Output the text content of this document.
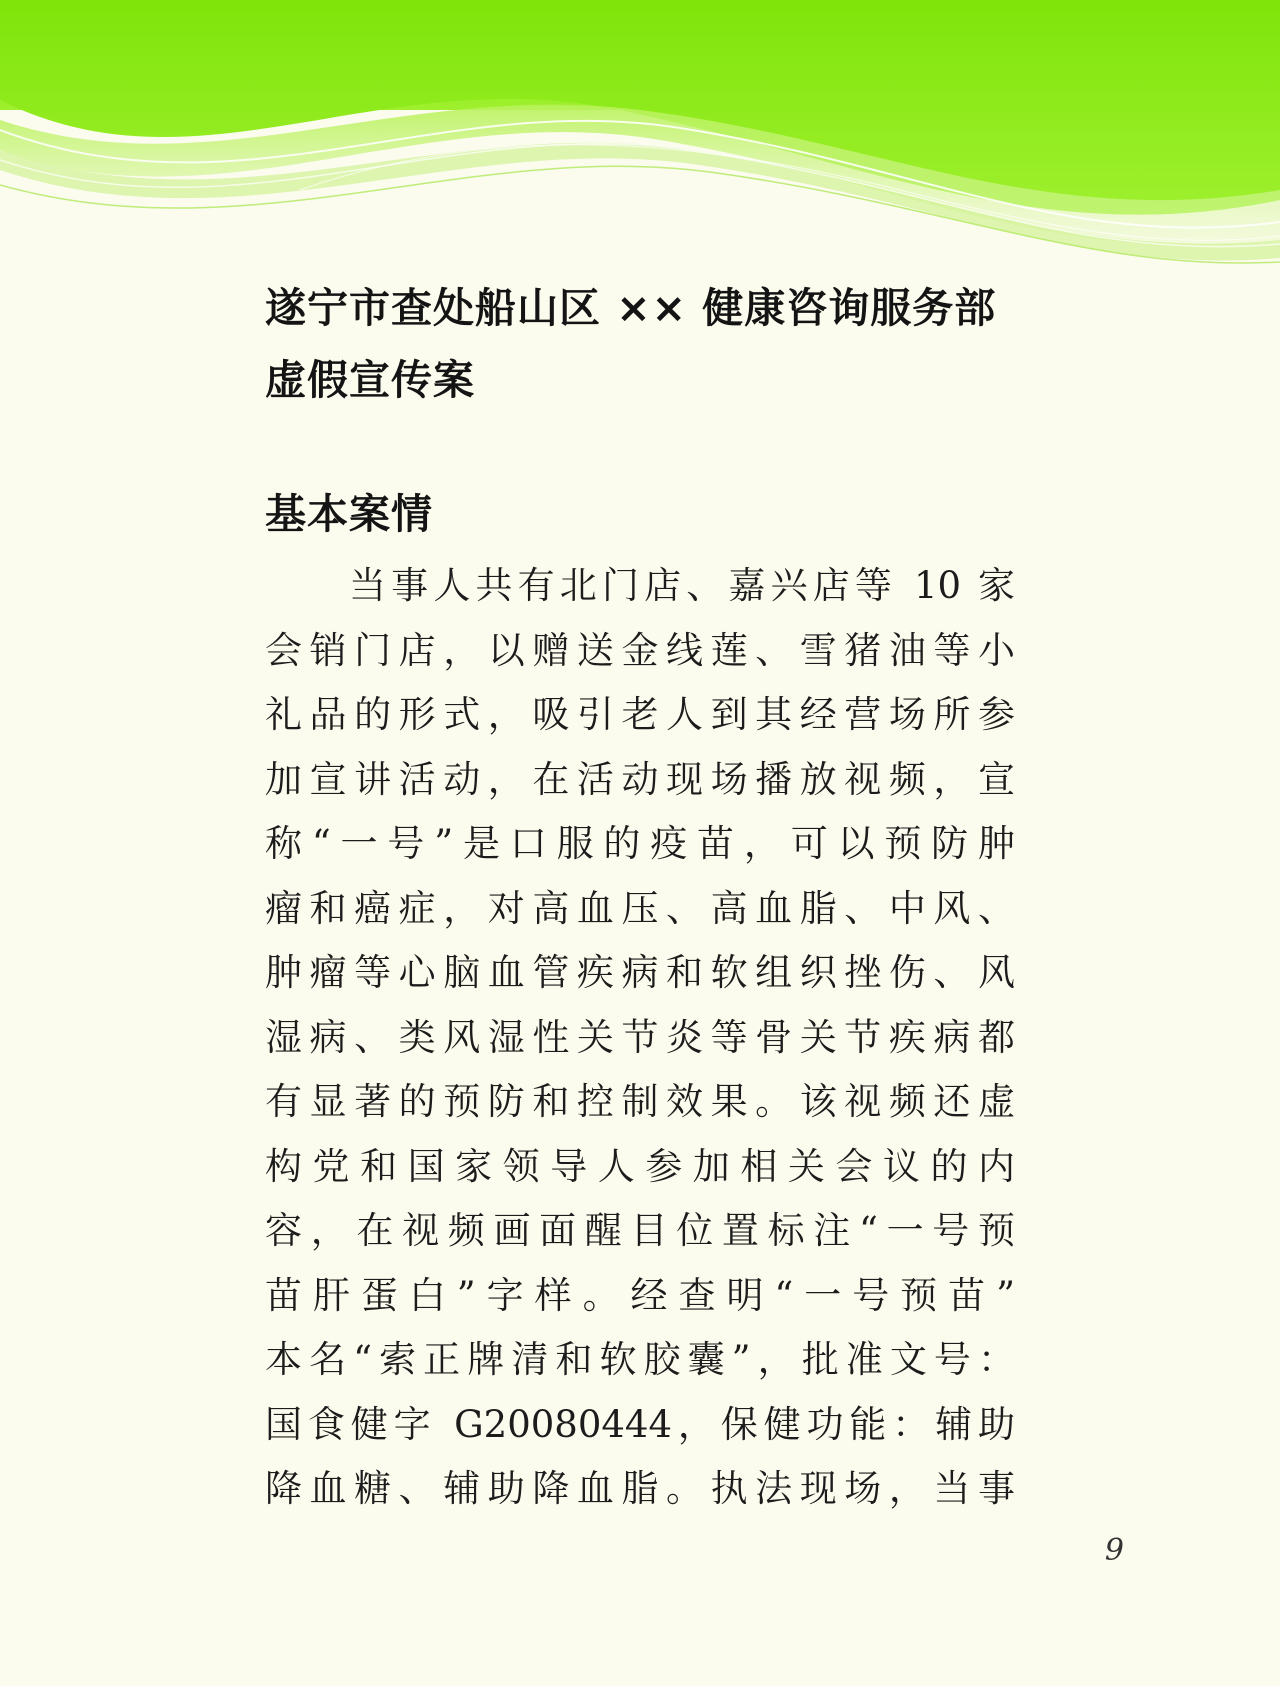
遂宁市查处船山区 ×× 健康咨询服务部
虚假宣传案
基本案情
当事人共有北门店、嘉兴店等 10 家
会销门店，以赠送金线莲、雪猪油等小
礼品的形式，吸引老人到其经营场所参
加宣讲活动，在活动现场播放视频，宣
称“一号”是口服的疫苗，可以预防肿
瘤和癌症，对高血压、高血脂、中风、
肿瘤等心脑血管疾病和软组织挫伤、风
湿病、类风湿性关节炎等骨关节疾病都
有显著的预防和控制效果。该视频还虚
构党和国家领导人参加相关会议的内
容，在视频画面醒目位置标注“一号预
苗肝蛋白”字样。经查明“一号预苗”
本名“索正牌清和软胶囊”，批准文号：
国食健字 G20080444，保健功能：辅助
降血糖、辅助降血脂。执法现场，当事
9
